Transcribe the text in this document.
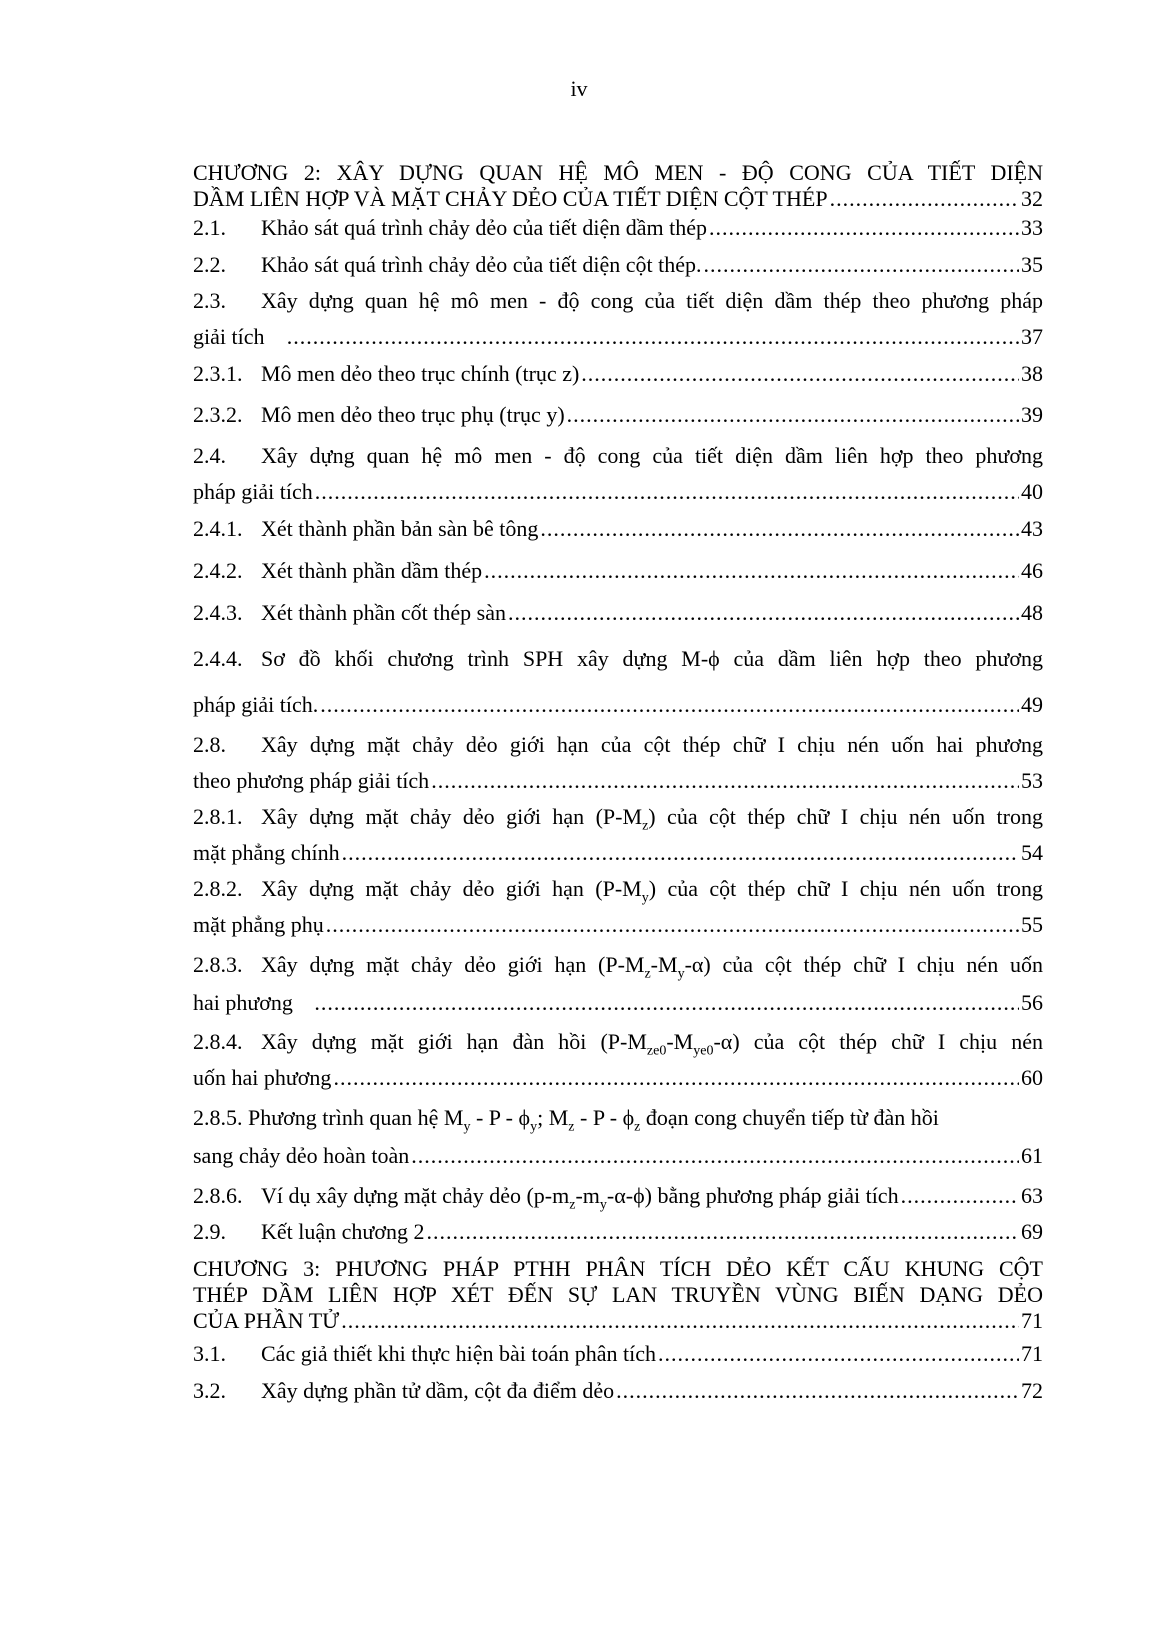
iv
CHƯƠNG 2: XÂY DỰNG QUAN HỆ MÔ MEN - ĐỘ CONG CỦA TIẾT DIỆN
DẦM LIÊN HỢP VÀ MẶT CHẢY DẺO CỦA TIẾT DIỆN CỘT THÉP .....	32
2.1.	Khảo sát quá trình chảy dẻo của tiết diện dầm thép .....	33
2.2.	Khảo sát quá trình chảy dẻo của tiết diện cột thép. .....	35
2.3. Xây dựng quan hệ mô men - độ cong của tiết diện dầm thép theo phương pháp
giải tích .....	37
2.3.1. Mô men dẻo theo trục chính (trục z) .....	38
2.3.2. Mô men dẻo theo trục phụ (trục y) .....	39
2.4. Xây dựng quan hệ mô men - độ cong của tiết diện dầm liên hợp theo phương
pháp giải tích .....	40
2.4.1. Xét thành phần bản sàn bê tông .....	43
2.4.2. Xét thành phần dầm thép .....	46
2.4.3. Xét thành phần cốt thép sàn .....	48
2.4.4. Sơ đồ khối chương trình SPH xây dựng M-ϕ của dầm liên hợp theo phương
pháp giải tích. .....	49
2.8. Xây dựng mặt chảy dẻo giới hạn của cột thép chữ I chịu nén uốn hai phương
theo phương pháp giải tích .....	53
2.8.1. Xây dựng mặt chảy dẻo giới hạn $(P-M_z)$ của cột thép chữ I chịu nén uốn trong
mặt phẳng chính .....	54
2.8.2. Xây dựng mặt chảy dẻo giới hạn $(P-M_y)$ của cột thép chữ I chịu nén uốn trong
mặt phẳng phụ .....	55
2.8.3. Xây dựng mặt chảy dẻo giới hạn $(P-M_z-M_y-\alpha)$ của cột thép chữ I chịu nén uốn
hai phương .....	56
2.8.4. Xây dựng mặt giới hạn đàn hồi $(P-M_{ze0}-M_{ye0}-\alpha)$ của cột thép chữ I chịu nén
uốn hai phương .....	60
2.8.5. Phương trình quan hệ $M_y$ - P - $\phi_y$; $M_z$ - P - $\phi_z$ đoạn cong chuyển tiếp từ đàn hồi
sang chảy dẻo hoàn toàn .....	61
2.8.6. Ví dụ xây dựng mặt chảy dẻo $(p-m_z-m_y-\alpha-\phi)$ bằng phương pháp giải tích .....	63
2.9.	Kết luận chương 2 .....	69
CHƯƠNG 3: PHƯƠNG PHÁP PTHH PHÂN TÍCH DẺO KẾT CẤU KHUNG CỘT
THÉP DẦM LIÊN HỢP XÉT ĐẾN SỰ LAN TRUYỀN VÙNG BIẾN DẠNG DẺO
CỦA PHẦN TỬ .....	71
3.1.	Các giả thiết khi thực hiện bài toán phân tích .....	71
3.2.	Xây dựng phần tử dầm, cột đa điểm dẻo .....	72
